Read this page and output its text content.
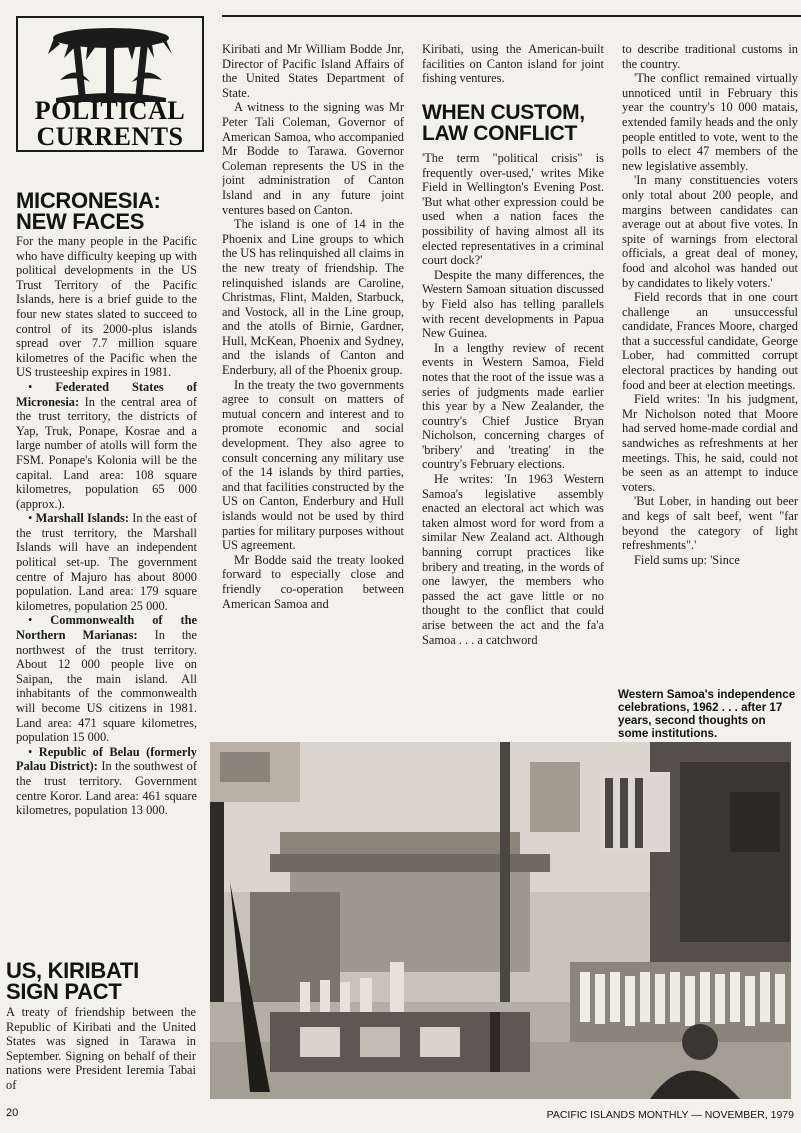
POLITICAL
CURRENTS
MICRONESIA:
NEW FACES

For the many people in the Pacific who have difficulty keeping up with political developments in the US Trust Territory of the Pacific Islands, here is a brief guide to the four new states slated to succeed to control of its 2000-plus islands spread over 7.7 million square kilometres of the Pacific when the US trusteeship expires in 1981.

• Federated States of Micronesia: In the central area of the trust territory, the districts of Yap, Truk, Ponape, Kosrae and a large number of atolls will form the FSM. Ponape's Kolonia will be the capital. Land area: 108 square kilometres, population 65 000 (approx.).

• Marshall Islands: In the east of the trust territory, the Marshall Islands will have an independent political set-up. The government centre of Majuro has about 8000 population. Land area: 179 square kilometres, population 25 000.

• Commonwealth of the Northern Marianas: In the northwest of the trust territory. About 12 000 people live on Saipan, the main island. All inhabitants of the commonwealth will become US citizens in 1981. Land area: 471 square kilometres, population 15 000.

• Republic of Belau (formerly Palau District): In the southwest of the trust territory. Government centre Koror. Land area: 461 square kilometres, population 13 000.

US, KIRIBATI
SIGN PACT

A treaty of friendship between the Republic of Kiribati and the United States was signed in Tarawa in September. Signing on behalf of their nations were President Ieremia Tabai of

Kiribati and Mr William Bodde Jnr, Director of Pacific Island Affairs of the United States Department of State.

A witness to the signing was Mr Peter Tali Coleman, Governor of American Samoa, who accompanied Mr Bodde to Tarawa. Governor Coleman represents the US in the joint administration of Canton Island and in any future joint ventures based on Canton.

The island is one of 14 in the Phoenix and Line groups to which the US has relinquished all claims in the new treaty of friendship. The relinquished islands are Caroline, Christmas, Flint, Malden, Starbuck, and Vostock, all in the Line group, and the atolls of Birnie, Gardner, Hull, McKean, Phoenix and Sydney, and the islands of Canton and Enderbury, all of the Phoenix group.

In the treaty the two governments agree to consult on matters of mutual concern and interest and to promote economic and social development. They also agree to consult concerning any military use of the 14 islands by third parties, and that facilities constructed by the US on Canton, Enderbury and Hull islands would not be used by third parties for military purposes without US agreement.

Mr Bodde said the treaty looked forward to especially close and friendly co-operation between American Samoa and

Kiribati, using the American-built facilities on Canton island for joint fishing ventures.

WHEN CUSTOM,
LAW CONFLICT

'The term "political crisis" is frequently over-used,' writes Mike Field in Wellington's Evening Post. 'But what other expression could be used when a nation faces the possibility of having almost all its elected representatives in a criminal court dock?'

Despite the many differences, the Western Samoan situation discussed by Field also has telling parallels with recent developments in Papua New Guinea.

In a lengthy review of recent events in Western Samoa, Field notes that the root of the issue was a series of judgments made earlier this year by a New Zealander, the country's Chief Justice Bryan Nicholson, concerning charges of 'bribery' and 'treating' in the country's February elections.

He writes: 'In 1963 Western Samoa's legislative assembly enacted an electoral act which was taken almost word for word from a similar New Zealand act. Although banning corrupt practices like bribery and treating, in the words of one lawyer, the members who passed the act gave little or no thought to the conflict that could arise between the act and the fa'a Samoa . . . a catchword

to describe traditional customs in the country.

'The conflict remained virtually unnoticed until in February this year the country's 10 000 matais, extended family heads and the only people entitled to vote, went to the polls to elect 47 members of the new legislative assembly.

'In many constituencies voters only total about 200 people, and margins between candidates can average out at about five votes. In spite of warnings from electoral officials, a great deal of money, food and alcohol was handed out by candidates to likely voters.'

Field records that in one court challenge an unsuccessful candidate, Frances Moore, charged that a successful candidate, George Lober, had committed corrupt electoral practices by handing out food and beer at election meetings.

Field writes: 'In his judgment, Mr Nicholson noted that Moore had served home-made cordial and sandwiches as refreshments at her meetings. This, he said, could not be seen as an attempt to induce voters.

'But Lober, in handing out beer and kegs of salt beef, went "far beyond the category of light refreshments".'

Field sums up: 'Since

Western Samoa's independence celebrations, 1962 . . . after 17 years, second thoughts on some institutions.
20	PACIFIC ISLANDS MONTHLY — NOVEMBER, 1979
